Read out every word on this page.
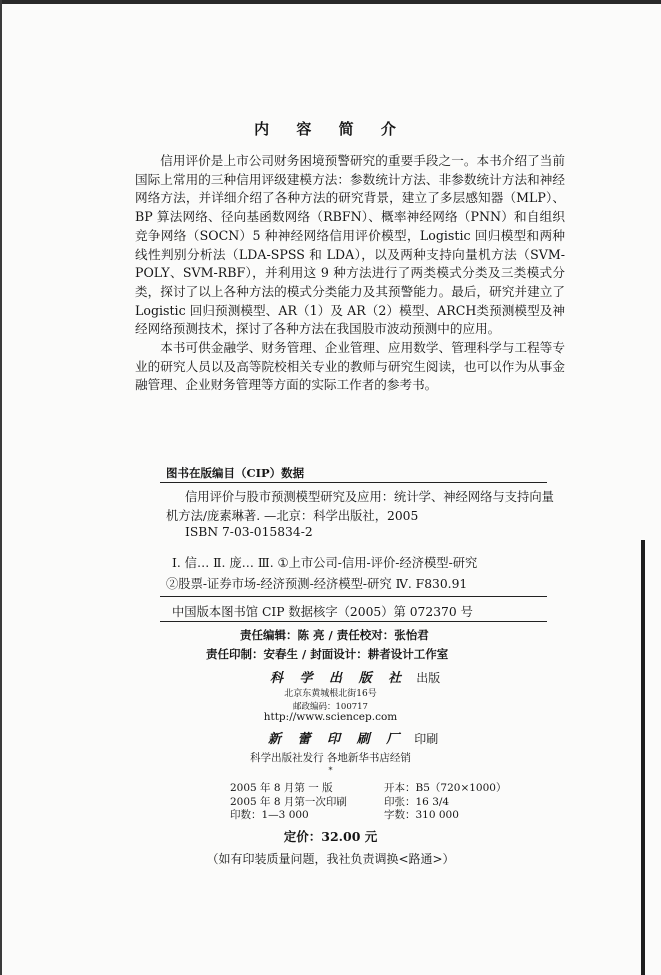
内 容 简 介

信用评价是上市公司财务困境预警研究的重要手段之一。本书介绍了当前国际上常用的三种信用评级建模方法：参数统计方法、非参数统计方法和神经网络方法，并详细介绍了各种方法的研究背景，建立了多层感知器（MLP）、BP 算法网络、径向基函数网络（RBFN）、概率神经网络（PNN）和自组织竞争网络（SOCN）5 种神经网络信用评价模型，Logistic 回归模型和两种线性判别分析法（LDA-SPSS 和 LDA），以及两种支持向量机方法（SVM-POLY、SVM-RBF），并利用这 9 种方法进行了两类模式分类及三类模式分类，探讨了以上各种方法的模式分类能力及其预警能力。最后，研究并建立了 Logistic 回归预测模型、AR（1）及 AR（2）模型、ARCH类预测模型及神经网络预测技术，探讨了各种方法在我国股市波动预测中的应用。

本书可供金融学、财务管理、企业管理、应用数学、管理科学与工程等专业的研究人员以及高等院校相关专业的教师与研究生阅读，也可以作为从事金融管理、企业财务管理等方面的实际工作者的参考书。

图书在版编目（CIP）数据
信用评价与股市预测模型研究及应用：统计学、神经网络与支持向量
机方法/庞素琳著. —北京：科学出版社，2005
ISBN 7-03-015834-2
Ⅰ. 信… Ⅱ. 庞… Ⅲ. ①上市公司-信用-评价-经济模型-研究
②股票-证券市场-经济预测-经济模型-研究 Ⅳ. F830.91
中国版本图书馆 CIP 数据核字（2005）第 072370 号
责任编辑：陈 亮 / 责任校对：张怡君
责任印制：安春生 / 封面设计：耕者设计工作室
科 学 出 版 社 出版
北京东黄城根北街16号
邮政编码：100717
http://www.sciencep.com
新 蕾 印 刷 厂 印刷
科学出版社发行 各地新华书店经销
*
2005 年 8 月第 一 版
2005 年 8 月第一次印刷
印数：1—3 000
开本：B5（720×1000）
印张：16 3/4
字数：310 000
定价：32.00 元
（如有印装质量问题，我社负责调换<路通>）
